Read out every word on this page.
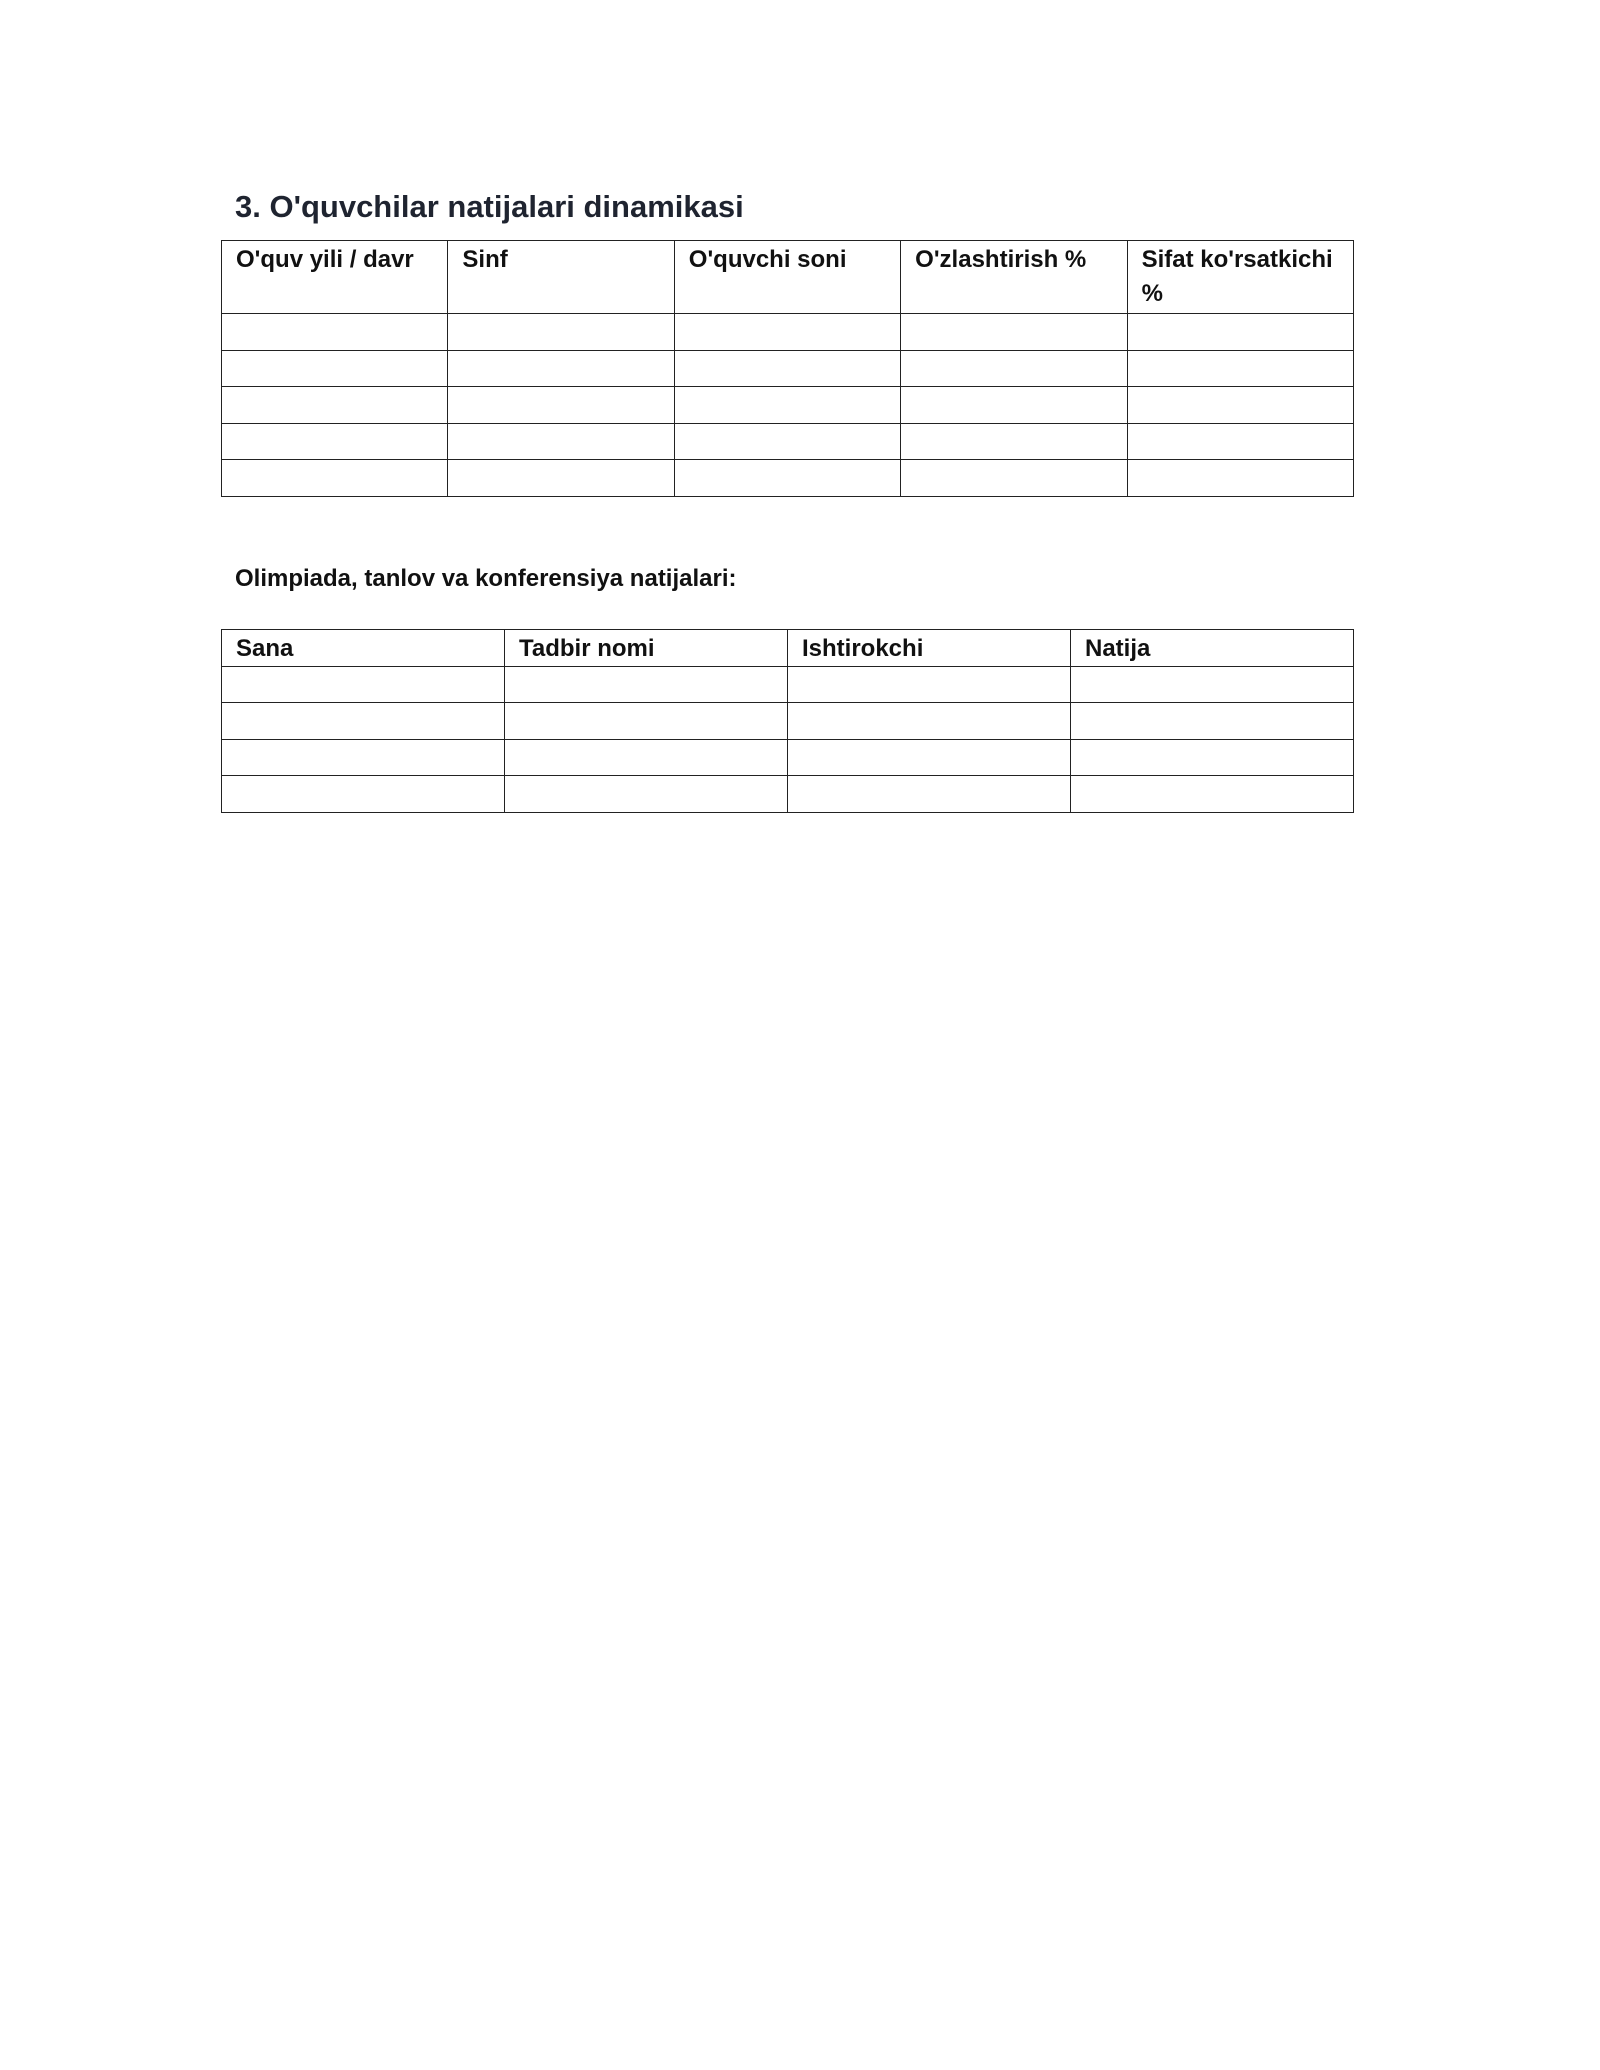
3. O'quvchilar natijalari dinamikasi
O'quv yili / davr	Sinf	O'quvchi soni	O'zlashtirish %	Sifat ko'rsatkichi %

Olimpiada, tanlov va konferensiya natijalari:

Sana	Tadbir nomi	Ishtirokchi	Natija
